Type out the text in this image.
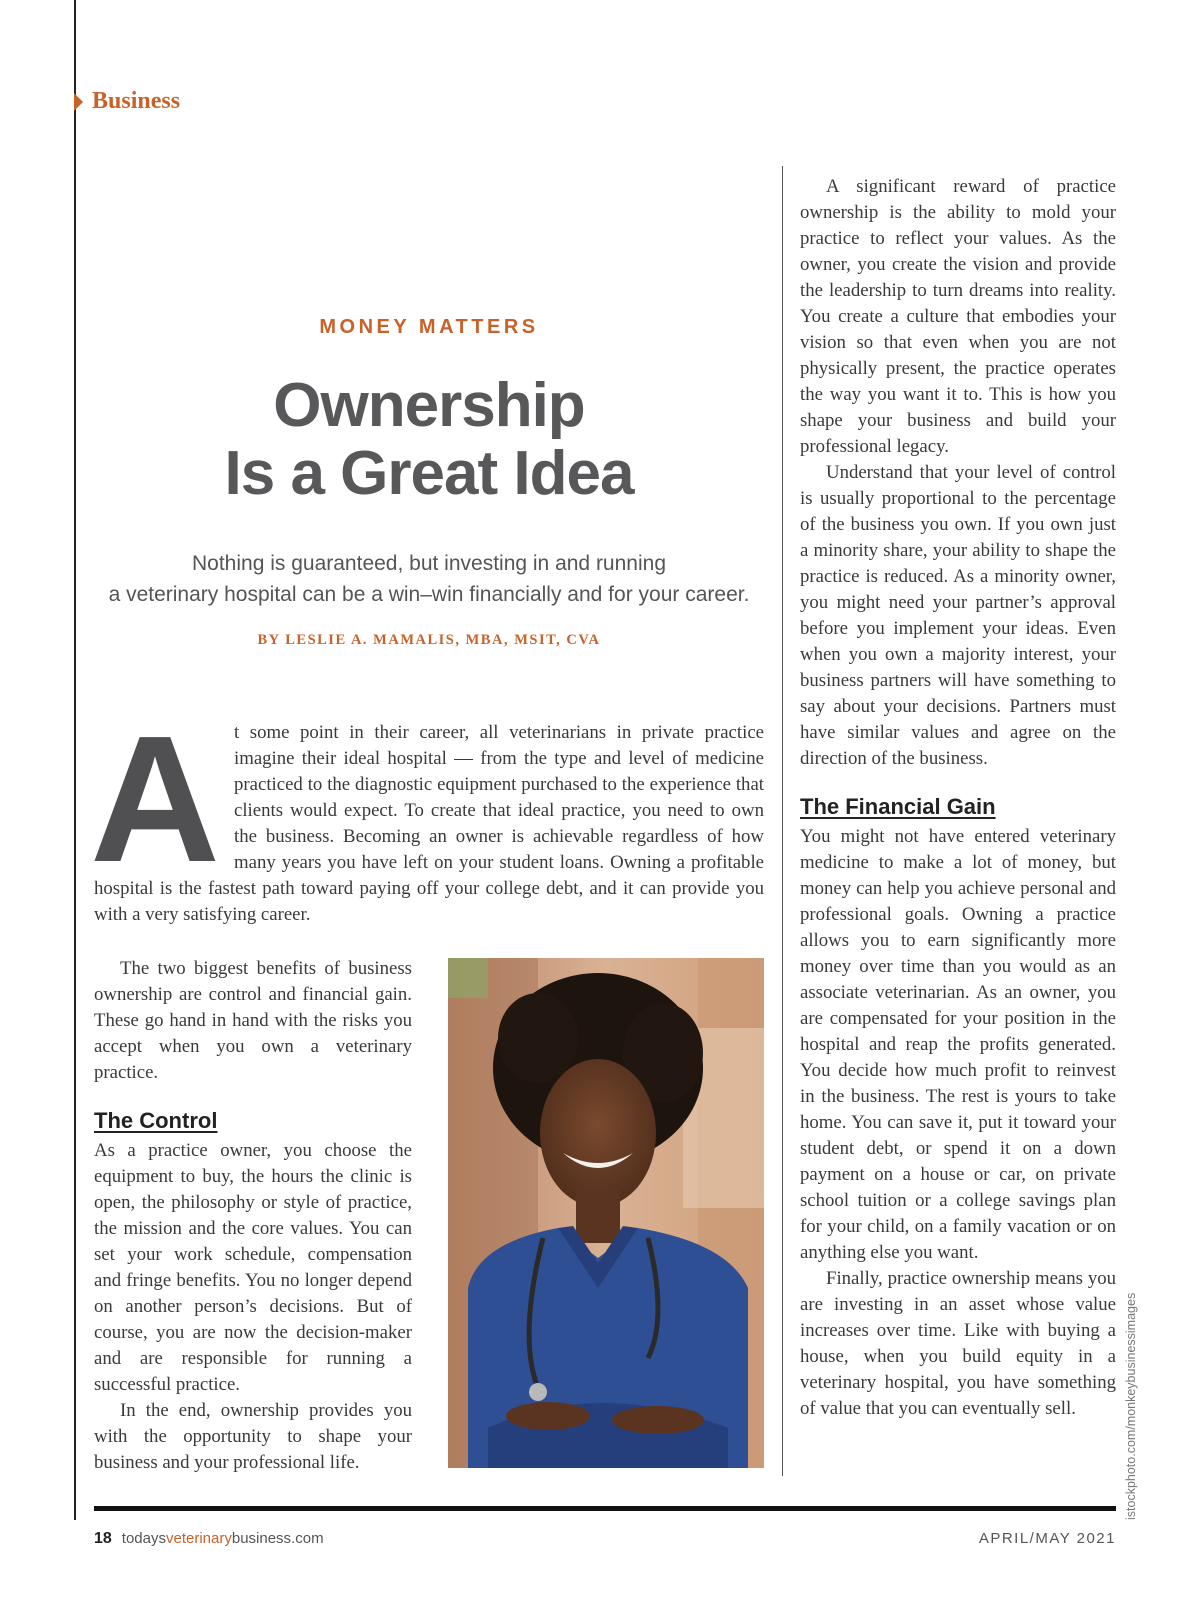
Business
MONEY MATTERS
Ownership
Is a Great Idea
Nothing is guaranteed, but investing in and running
a veterinary hospital can be a win–win financially and for your career.
BY LESLIE A. MAMALIS, MBA, MSIT, CVA
A t some point in their career, all veterinarians in private practice imagine their ideal hospital — from the type and level of medicine practiced to the diagnostic equipment purchased to the experience that clients would expect. To create that ideal practice, you need to own the business. Becoming an owner is achievable regardless of how many years you have left on your student loans. Owning a profitable hospital is the fastest path toward paying off your college debt, and it can provide you with a very satisfying career.

The two biggest benefits of business ownership are control and financial gain. These go hand in hand with the risks you accept when you own a veterinary practice.

The Control

As a practice owner, you choose the equipment to buy, the hours the clinic is open, the philosophy or style of practice, the mission and the core values. You can set your work schedule, compensation and fringe benefits. You no longer depend on another person’s decisions. But of course, you are now the decision-maker and are responsible for running a successful practice.

In the end, ownership provides you with the opportunity to shape your business and your professional life.

A significant reward of practice ownership is the ability to mold your practice to reflect your values. As the owner, you create the vision and provide the leadership to turn dreams into reality. You create a culture that embodies your vision so that even when you are not physically present, the practice operates the way you want it to. This is how you shape your business and build your professional legacy.

Understand that your level of control is usually proportional to the percentage of the business you own. If you own just a minority share, your ability to shape the practice is reduced. As a minority owner, you might need your partner’s approval before you implement your ideas. Even when you own a majority interest, your business partners will have something to say about your decisions. Partners must have similar values and agree on the direction of the business.

The Financial Gain

You might not have entered veterinary medicine to make a lot of money, but money can help you achieve personal and professional goals. Owning a practice allows you to earn significantly more money over time than you would as an associate veterinarian. As an owner, you are compensated for your position in the hospital and reap the profits generated. You decide how much profit to reinvest in the business. The rest is yours to take home. You can save it, put it toward your student debt, or spend it on a down payment on a house or car, on private school tuition or a college savings plan for your child, on a family vacation or on anything else you want.

Finally, practice ownership means you are investing in an asset whose value increases over time. Like with buying a house, when you build equity in a veterinary hospital, you have something of value that you can eventually sell.	istockphoto.com/monkeybusinessimages
18 todaysveterinarybusiness.com	APRIL/MAY 2021
